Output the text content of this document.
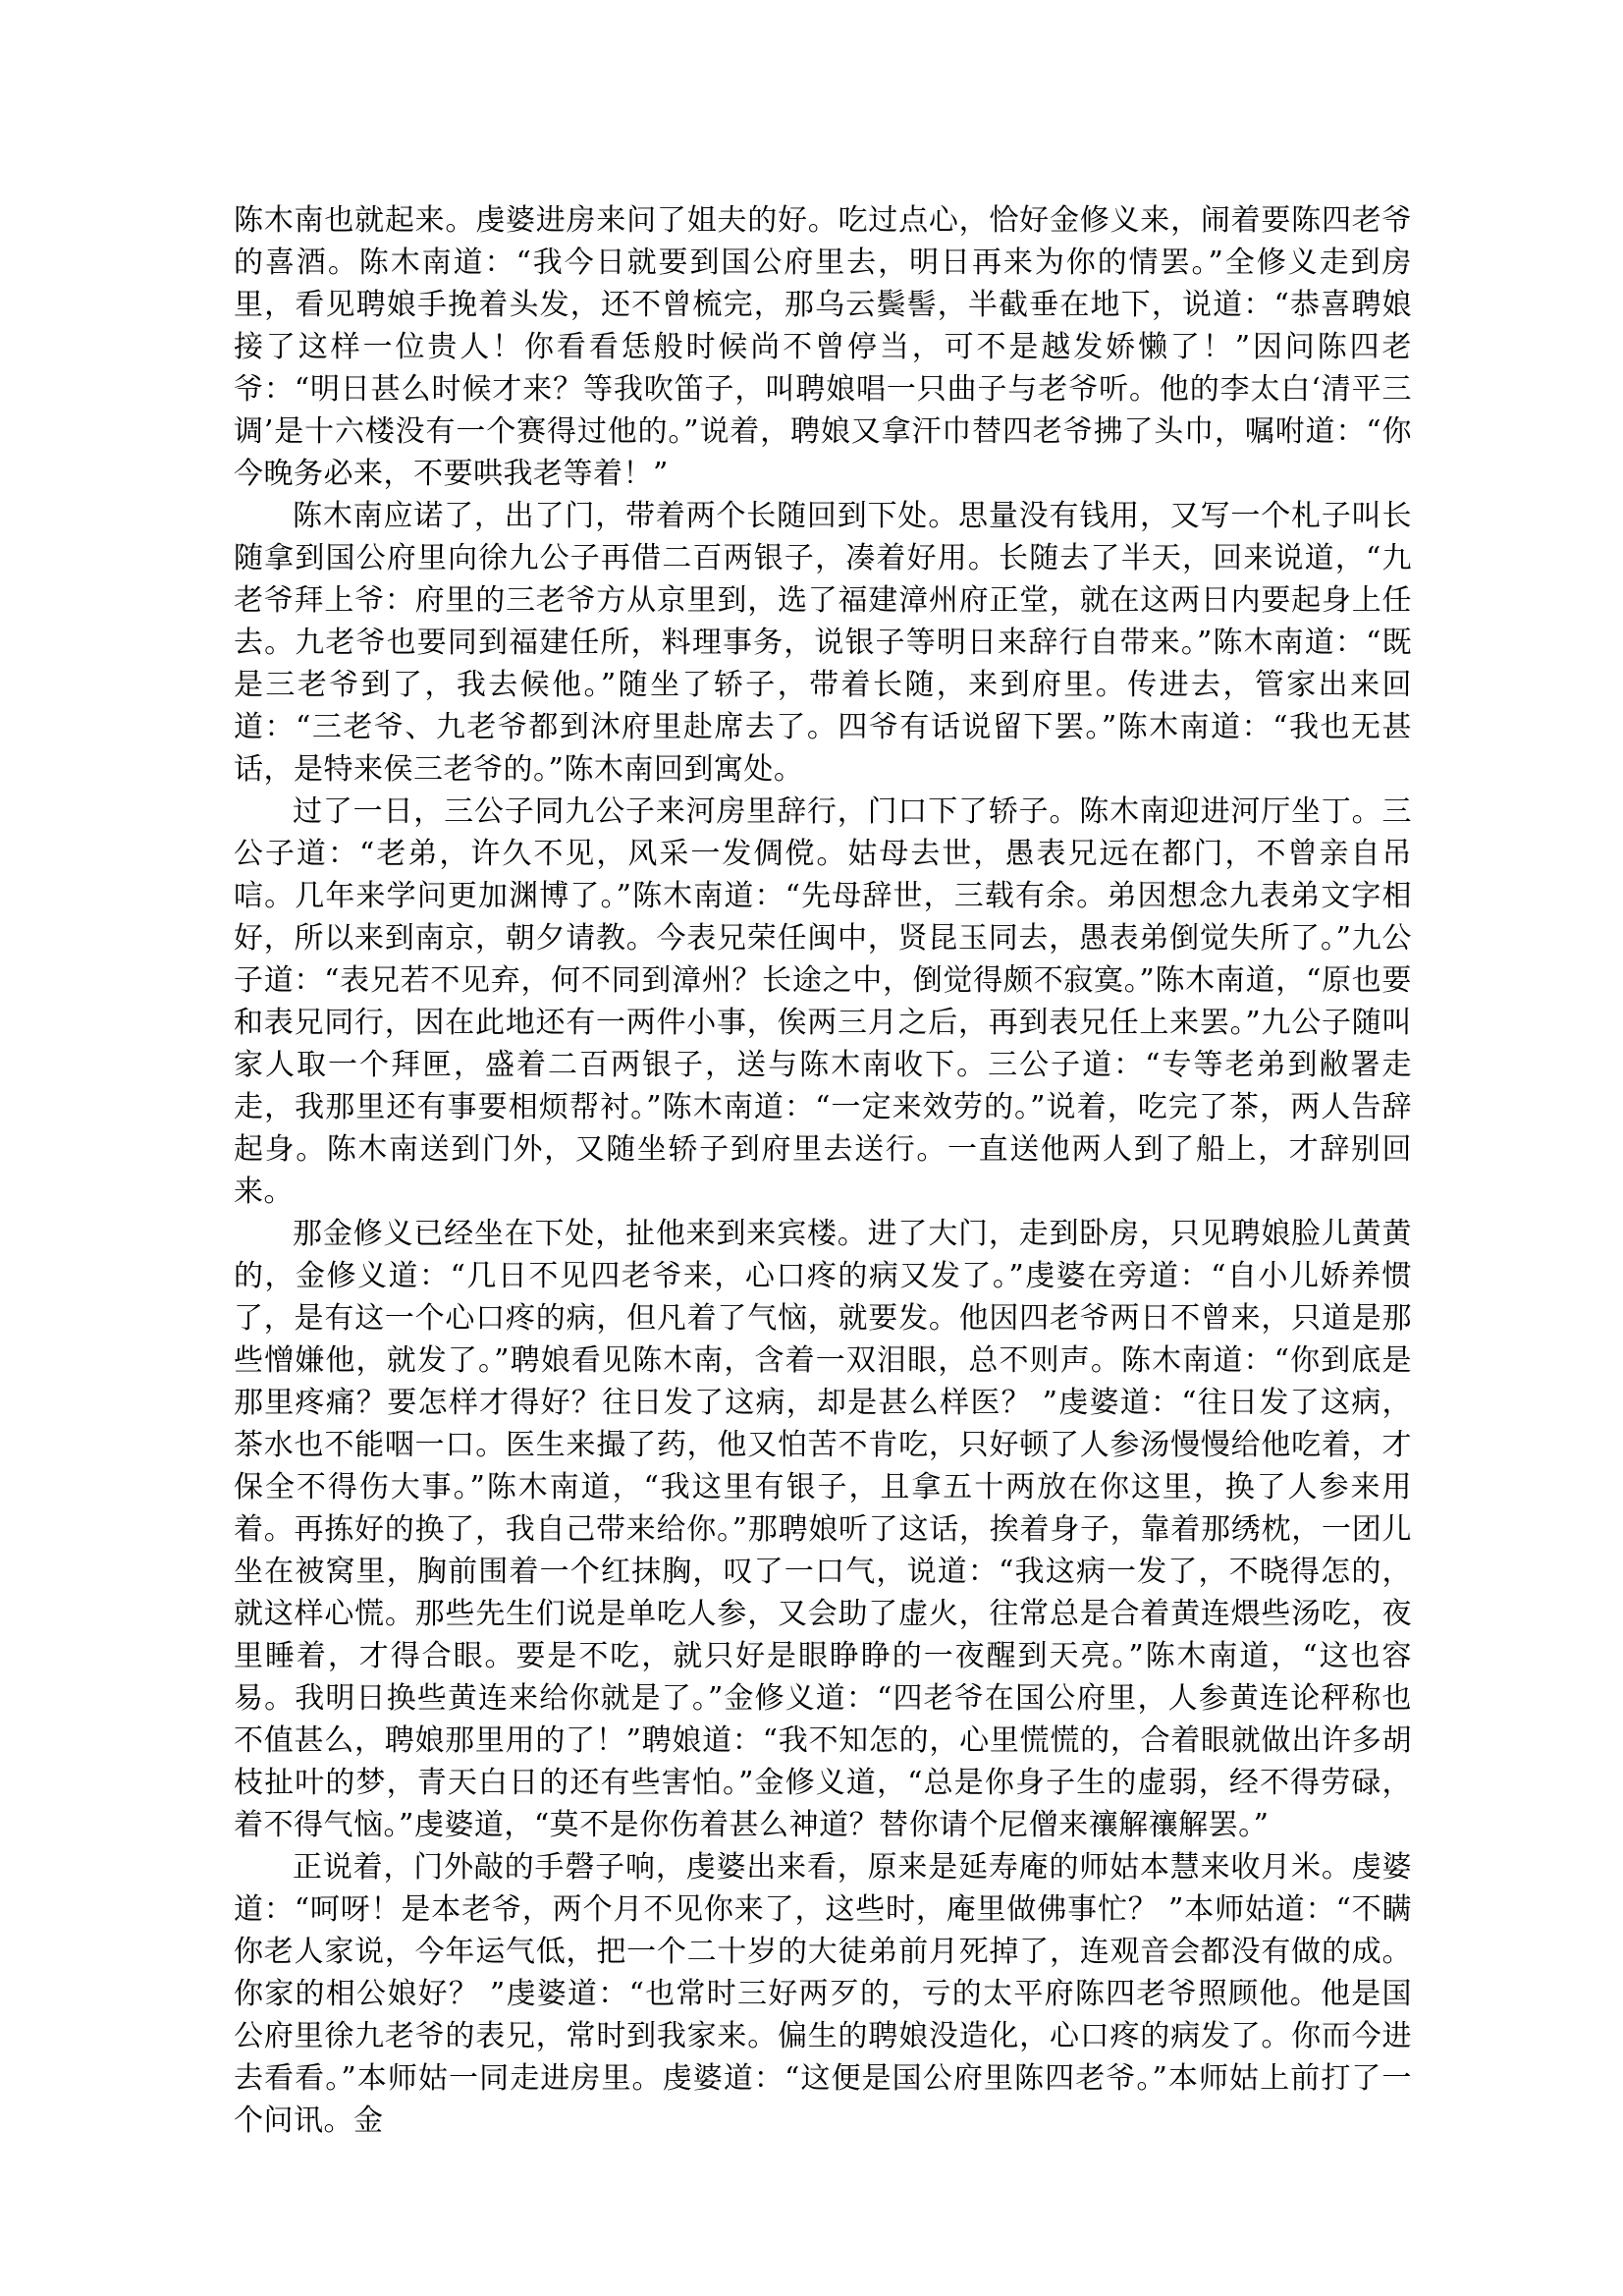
陈木南也就起来。虔婆进房来问了姐夫的好。吃过点心，恰好金修义来，闹着要陈四老爷的喜酒。陈木南道：“我今日就要到国公府里去，明日再来为你的情罢。”全修义走到房里，看见聘娘手挽着头发，还不曾梳完，那乌云鬓髻，半截垂在地下，说道：“恭喜聘娘接了这样一位贵人！你看看恁般时候尚不曾停当，可不是越发娇懒了！”因问陈四老爷：“明日甚么时候才来？等我吹笛子，叫聘娘唱一只曲子与老爷听。他的李太白‘清平三调’是十六楼没有一个赛得过他的。”说着，聘娘又拿汗巾替四老爷拂了头巾，嘱咐道：“你今晚务必来，不要哄我老等着！”

陈木南应诺了，出了门，带着两个长随回到下处。思量没有钱用，又写一个札子叫长随拿到国公府里向徐九公子再借二百两银子，凑着好用。长随去了半天，回来说道，“九老爷拜上爷：府里的三老爷方从京里到，选了福建漳州府正堂，就在这两日内要起身上任去。九老爷也要同到福建任所，料理事务，说银子等明日来辞行自带来。”陈木南道：“既是三老爷到了，我去候他。”随坐了轿子，带着长随，来到府里。传进去，管家出来回道：“三老爷、九老爷都到沐府里赴席去了。四爷有话说留下罢。”陈木南道：“我也无甚话，是特来侯三老爷的。”陈木南回到寓处。

过了一日，三公子同九公子来河房里辞行，门口下了轿子。陈木南迎进河厅坐丁。三公子道：“老弟，许久不见，风采一发倜傥。姑母去世，愚表兄远在都门，不曾亲自吊唁。几年来学问更加渊博了。”陈木南道：“先母辞世，三载有余。弟因想念九表弟文字相好，所以来到南京，朝夕请教。今表兄荣任闽中，贤昆玉同去，愚表弟倒觉失所了。”九公子道：“表兄若不见弃，何不同到漳州？长途之中，倒觉得颇不寂寞。”陈木南道，“原也要和表兄同行，因在此地还有一两件小事，俟两三月之后，再到表兄任上来罢。”九公子随叫家人取一个拜匣，盛着二百两银子，送与陈木南收下。三公子道：“专等老弟到敝署走走，我那里还有事要相烦帮衬。”陈木南道：“一定来效劳的。”说着，吃完了茶，两人告辞起身。陈木南送到门外，又随坐轿子到府里去送行。一直送他两人到了船上，才辞别回来。

那金修义已经坐在下处，扯他来到来宾楼。进了大门，走到卧房，只见聘娘脸儿黄黄的，金修义道：“几日不见四老爷来，心口疼的病又发了。”虔婆在旁道：“自小儿娇养惯了，是有这一个心口疼的病，但凡着了气恼，就要发。他因四老爷两日不曾来，只道是那些憎嫌他，就发了。”聘娘看见陈木南，含着一双泪眼，总不则声。陈木南道：“你到底是那里疼痛？要怎样才得好？往日发了这病，却是甚么样医？ ”虔婆道：“往日发了这病，茶水也不能咽一口。医生来撮了药，他又怕苦不肯吃，只好顿了人参汤慢慢给他吃着，才保全不得伤大事。”陈木南道，“我这里有银子，且拿五十两放在你这里，换了人参来用着。再拣好的换了，我自己带来给你。”那聘娘听了这话，挨着身子，靠着那绣枕，一团儿坐在被窝里，胸前围着一个红抹胸，叹了一口气，说道：“我这病一发了，不晓得怎的，就这样心慌。那些先生们说是单吃人参，又会助了虚火，往常总是合着黄连煨些汤吃，夜里睡着，才得合眼。要是不吃，就只好是眼睁睁的一夜醒到天亮。”陈木南道，“这也容易。我明日换些黄连来给你就是了。”金修义道：“四老爷在国公府里，人参黄连论秤称也不值甚么，聘娘那里用的了！”聘娘道：“我不知怎的，心里慌慌的，合着眼就做出许多胡枝扯叶的梦，青天白日的还有些害怕。”金修义道，“总是你身子生的虚弱，经不得劳碌，着不得气恼。”虔婆道，“莫不是你伤着甚么神道？替你请个尼僧来禳解禳解罢。”

正说着，门外敲的手磬子响，虔婆出来看，原来是延寿庵的师姑本慧来收月米。虔婆道：“呵呀！是本老爷，两个月不见你来了，这些时，庵里做佛事忙？ ”本师姑道：“不瞒你老人家说，今年运气低，把一个二十岁的大徒弟前月死掉了，连观音会都没有做的成。你家的相公娘好？ ”虔婆道：“也常时三好两歹的，亏的太平府陈四老爷照顾他。他是国公府里徐九老爷的表兄，常时到我家来。偏生的聘娘没造化，心口疼的病发了。你而今进去看看。”本师姑一同走进房里。虔婆道：“这便是国公府里陈四老爷。”本师姑上前打了一个问讯。金
